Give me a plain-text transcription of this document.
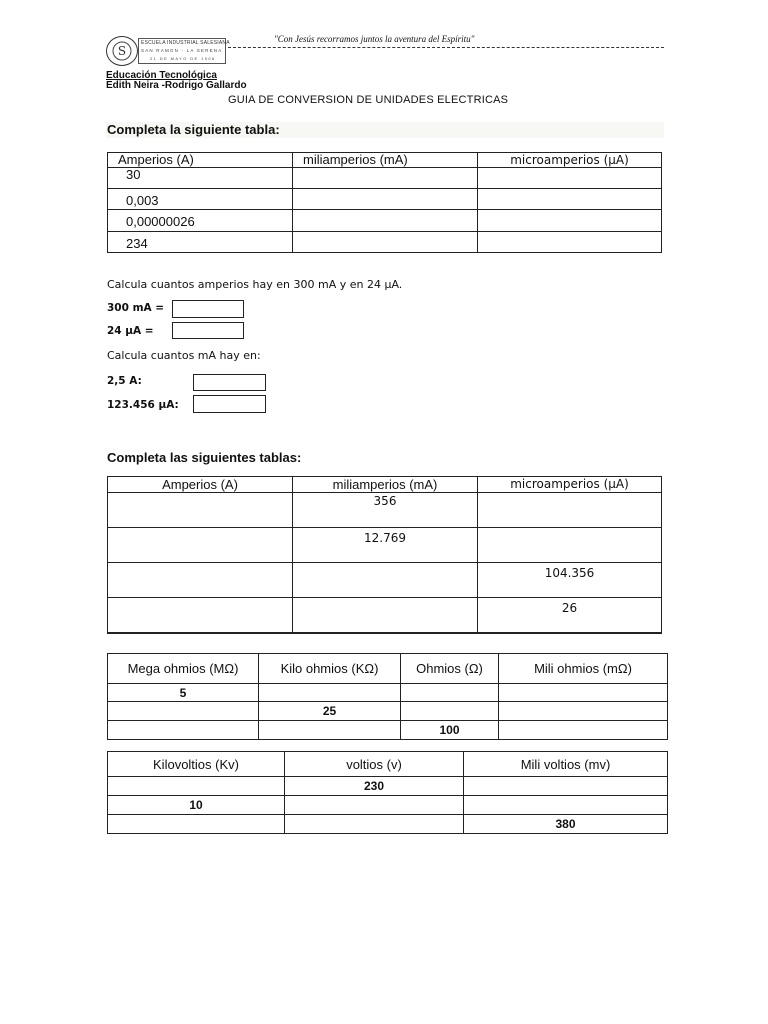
S
ESCUELA INDUSTRIAL SALESIANA
SAN RAMON - LA SERENA
21 DE MAYO DE 1906
"Con Jesús recorramos juntos la aventura del Espíritu"
Educación Tecnológica
Edith Neira -Rodrigo Gallardo
GUIA DE CONVERSION DE UNIDADES ELECTRICAS
Completa la siguiente tabla:
Amperios (A)	miliamperios (mA)	microamperios (µA)
30		
0,003		
0,00000026		
234		
Calcula cuantos amperios hay en 300 mA y en 24 µA.
300 mA =
24 µA =
Calcula cuantos mA hay en:
2,5 A:
123.456 µA:
Completa las siguientes tablas:
Amperios (A)	miliamperios (mA)	microamperios (µA)
	356	
	12.769	
		104.356
		26
Mega ohmios (MΩ)	Kilo ohmios (KΩ)	Ohmios (Ω)	Mili ohmios (mΩ)
5			
	25		
		100	
Kilovoltios (Kv)	voltios (v)	Mili voltios (mv)
	230	
10		
		380
